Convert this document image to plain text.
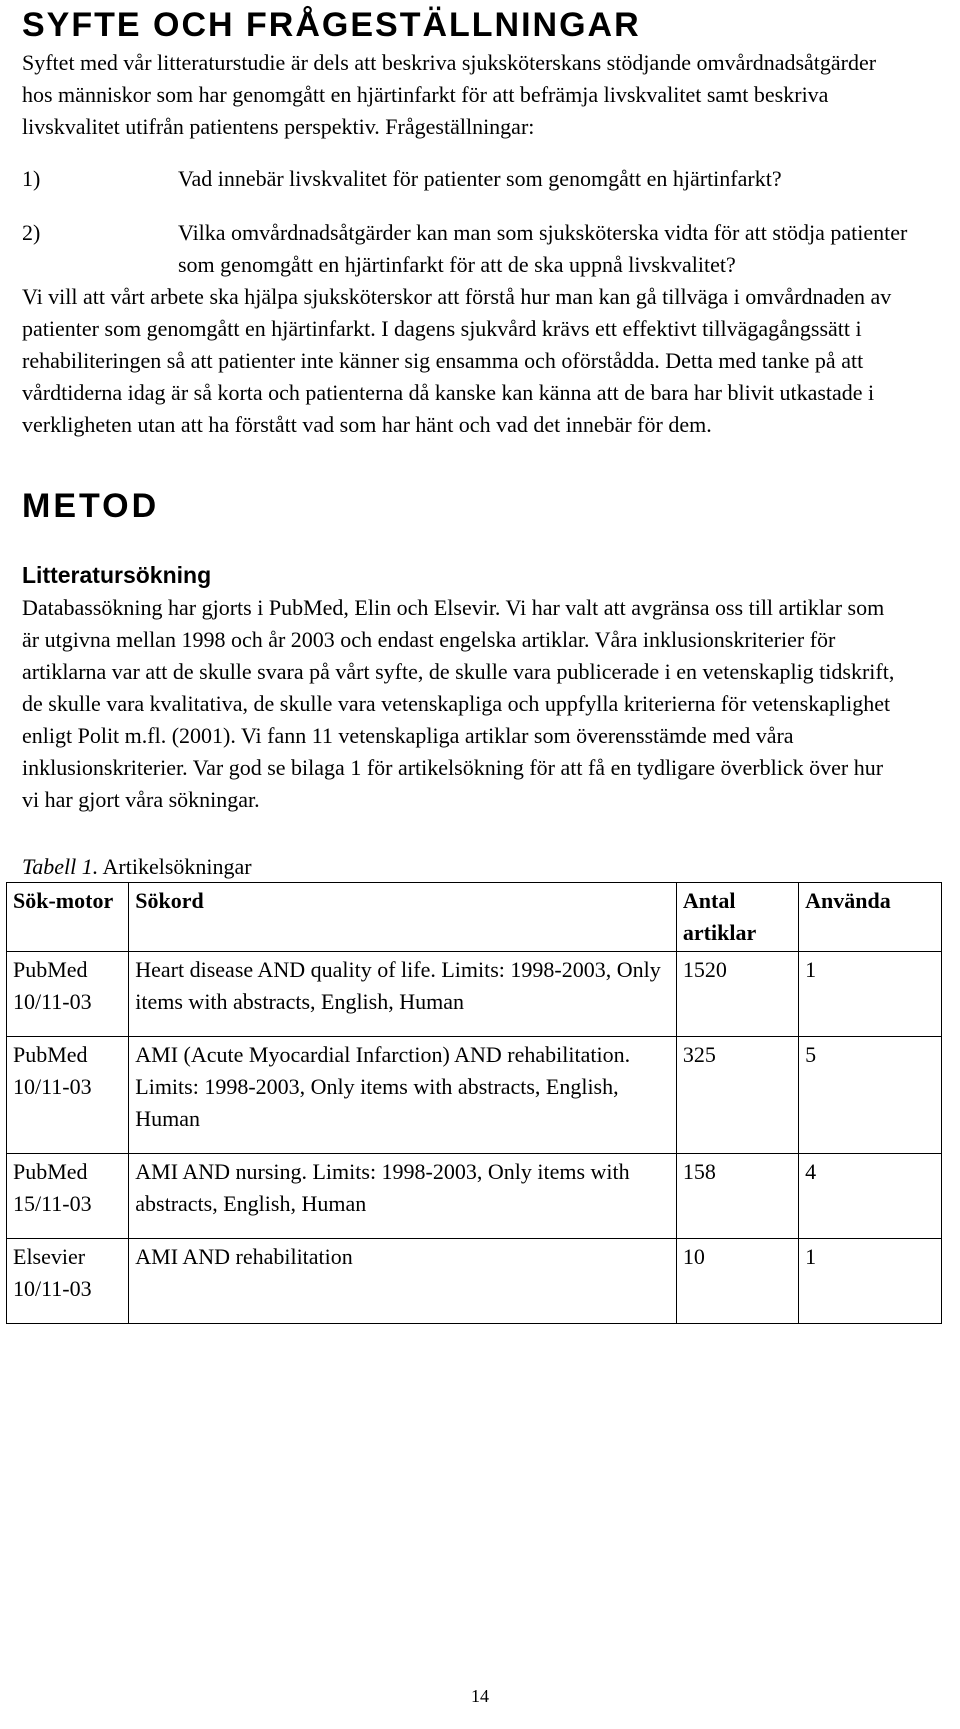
SYFTE OCH FRÅGESTÄLLNINGAR

Syftet med vår litteraturstudie är dels att beskriva sjuksköterskans stödjande omvårdnadsåtgärder hos människor som har genomgått en hjärtinfarkt för att befrämja livskvalitet samt beskriva livskvalitet utifrån patientens perspektiv. Frågeställningar:

1)	Vad innebär livskvalitet för patienter som genomgått en hjärtinfarkt?
2)	Vilka omvårdnadsåtgärder kan man som sjuksköterska vidta för att stödja patienter som genomgått en hjärtinfarkt för att de ska uppnå livskvalitet?

Vi vill att vårt arbete ska hjälpa sjuksköterskor att förstå hur man kan gå tillväga i omvårdnaden av patienter som genomgått en hjärtinfarkt. I dagens sjukvård krävs ett effektivt tillvägagångssätt i rehabiliteringen så att patienter inte känner sig ensamma och oförstådda. Detta med tanke på att vårdtiderna idag är så korta och patienterna då kanske kan känna att de bara har blivit utkastade i verkligheten utan att ha förstått vad som har hänt och vad det innebär för dem.

METOD
Litteratursökning

Databassökning har gjorts i PubMed, Elin och Elsevir. Vi har valt att avgränsa oss till artiklar som är utgivna mellan 1998 och år 2003 och endast engelska artiklar. Våra inklusionskriterier för artiklarna var att de skulle svara på vårt syfte, de skulle vara publicerade i en vetenskaplig tidskrift, de skulle vara kvalitativa, de skulle vara vetenskapliga och uppfylla kriterierna för vetenskaplighet enligt Polit m.fl. (2001). Vi fann 11 vetenskapliga artiklar som överensstämde med våra inklusionskriterier. Var god se bilaga 1 för artikelsökning för att få en tydligare överblick över hur vi har gjort våra sökningar.

Tabell 1. Artikelsökningar
Sök-motor	Sökord	Antal artiklar	Använda
PubMed
10/11-03	Heart disease AND quality of life. Limits: 1998-2003, Only items with abstracts, English, Human	1520	1
PubMed
10/11-03	AMI (Acute Myocardial Infarction) AND rehabilitation. Limits: 1998-2003, Only items with abstracts, English, Human	325	5
PubMed
15/11-03	AMI AND nursing. Limits: 1998-2003, Only items with abstracts, English, Human	158	4
Elsevier
10/11-03	AMI AND rehabilitation	10	1
14
